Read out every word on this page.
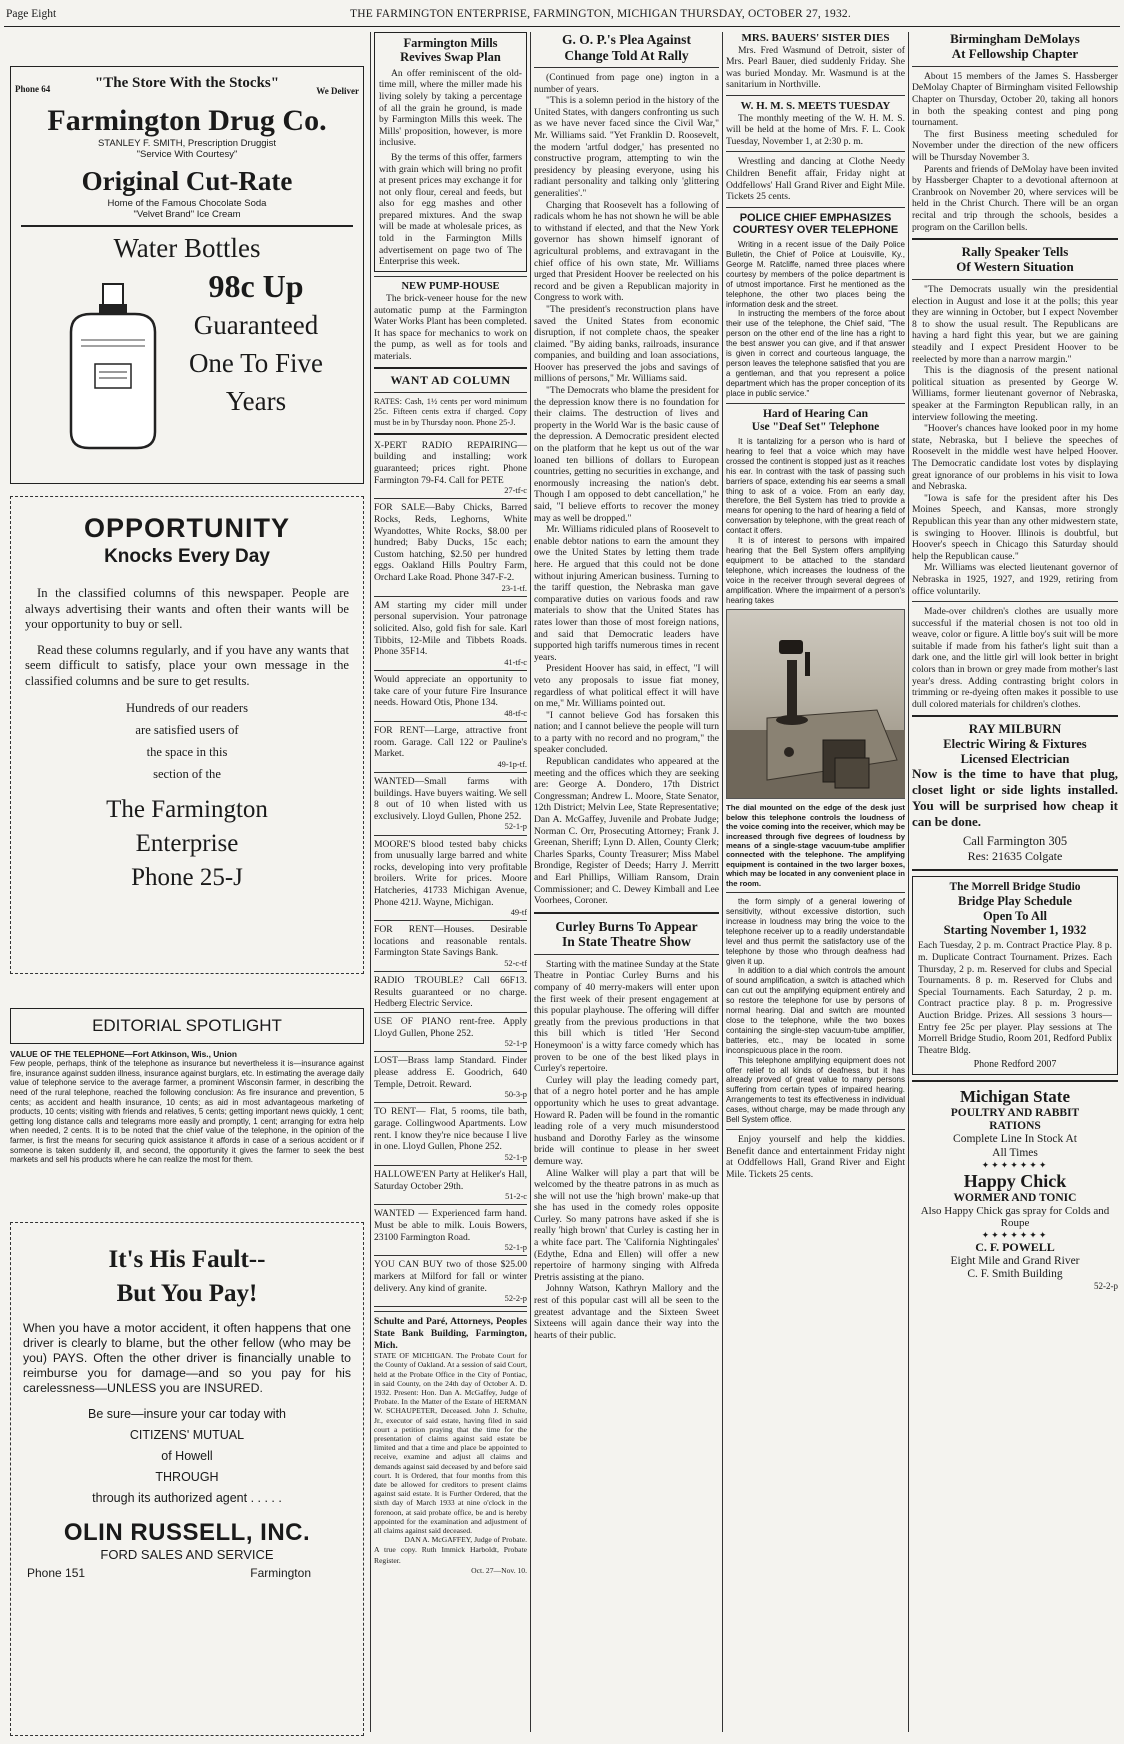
Page Eight	THE FARMINGTON ENTERPRISE, FARMINGTON, MICHIGAN THURSDAY, OCTOBER 27, 1932.
"The Store With the Stocks"
Phone 64	We Deliver
Farmington Drug Co.
STANLEY F. SMITH, Prescription Druggist
"Service With Courtesy"
Original Cut-Rate
Home of the Famous Chocolate Soda
"Velvet Brand" Ice Cream
Water Bottles
98c Up
Guaranteed
One To Five
Years
OPPORTUNITY
Knocks Every Day

In the classified columns of this newspaper. People are always advertising their wants and often their wants will be your opportunity to buy or sell.

Read these columns regularly, and if you have any wants that seem difficult to satisfy, place your own message in the classified columns and be sure to get results.

Hundreds of our readers
are satisfied users of
the space in this
section of the
The Farmington
Enterprise
Phone 25-J
EDITORIAL SPOTLIGHT
VALUE OF THE TELEPHONE—Fort Atkinson, Wis., Union

Few people, perhaps, think of the telephone as insurance but nevertheless it is—insurance against fire, insurance against sudden illness, insurance against burglars, etc. In estimating the average daily value of telephone service to the average farmer, a prominent Wisconsin farmer, in describing the need of the rural telephone, reached the following conclusion: As fire insurance and prevention, 5 cents; as accident and health insurance, 10 cents; as aid in most advantageous marketing of products, 10 cents; visiting with friends and relatives, 5 cents; getting important news quickly, 1 cent; getting long distance calls and telegrams more easily and promptly, 1 cent; arranging for extra help when needed, 2 cents. It is to be noted that the chief value of the telephone, in the opinion of the farmer, is first the means for securing quick assistance it affords in case of a serious accident or if someone is taken suddenly ill, and second, the opportunity it gives the farmer to seek the best markets and sell his products where he can realize the most for them.

It's His Fault--
But You Pay!

When you have a motor accident, it often happens that one driver is clearly to blame, but the other fellow (who may be you) PAYS. Often the other driver is financially unable to reimburse you for damage—and so you pay for his carelessness—UNLESS you are INSURED.

Be sure—insure your car today with
CITIZENS' MUTUAL
of Howell
THROUGH
through its authorized agent . . . . .
OLIN RUSSELL, INC.
FORD SALES AND SERVICE
Phone 151	Farmington
Farmington Mills
Revives Swap Plan

An offer reminiscent of the old-time mill, where the miller made his living solely by taking a percentage of all the grain he ground, is made by Farmington Mills this week. The Mills' proposition, however, is more inclusive.

By the terms of this offer, farmers with grain which will bring no profit at present prices may exchange it for not only flour, cereal and feeds, but also for egg mashes and other prepared mixtures. And the swap will be made at wholesale prices, as told in the Farmington Mills advertisement on page two of The Enterprise this week.

NEW PUMP-HOUSE

The brick-veneer house for the new automatic pump at the Farmington Water Works Plant has been completed. It has space for mechanics to work on the pump, as well as for tools and materials.

WANT AD COLUMN

RATES: Cash, 1½ cents per word minimum 25c. Fifteen cents extra if charged. Copy must be in by Thursday noon. Phone 25-J.

X-PERT RADIO REPAIRING—building and installing; work guaranteed; prices right. Phone Farmington 79-F4. Call for PETE

27-tf-c

FOR SALE—Baby Chicks, Barred Rocks, Reds, Leghorns, White Wyandottes, White Rocks, $8.00 per hundred; Baby Ducks, 15c each; Custom hatching, $2.50 per hundred eggs. Oakland Hills Poultry Farm, Orchard Lake Road. Phone 347-F-2.

23-1-tf.

AM starting my cider mill under personal supervision. Your patronage solicited. Also, gold fish for sale. Karl Tibbits, 12-Mile and Tibbets Roads. Phone 35F14.

41-tf-c

Would appreciate an opportunity to take care of your future Fire Insurance needs. Howard Otis, Phone 134.

48-tf-c

FOR RENT—Large, attractive front room. Garage. Call 122 or Pauline's Market.

49-1p-tf.

WANTED—Small farms with buildings. Have buyers waiting. We sell 8 out of 10 when listed with us exclusively. Lloyd Gullen, Phone 252.

52-1-p

MOORE'S blood tested baby chicks from unusually large barred and white rocks, developing into very profitable broilers. Write for prices. Moore Hatcheries, 41733 Michigan Avenue, Phone 421J. Wayne, Michigan.

49-tf

FOR RENT—Houses. Desirable locations and reasonable rentals. Farmington State Savings Bank.

52-c-tf

RADIO TROUBLE? Call 66F13. Results guaranteed or no charge. Hedberg Electric Service.

USE OF PIANO rent-free. Apply Lloyd Gullen, Phone 252.

52-1-p

LOST—Brass lamp Standard. Finder please address E. Goodrich, 640 Temple, Detroit. Reward.

50-3-p

TO RENT— Flat, 5 rooms, tile bath, garage. Collingwood Apartments. Low rent. I know they're nice because I live in one. Lloyd Gullen, Phone 252.

52-1-p

HALLOWE'EN Party at Heliker's Hall, Saturday October 29th.

51-2-c

WANTED — Experienced farm hand. Must be able to milk. Louis Bowers, 23100 Farmington Road.

52-1-p

YOU CAN BUY two of those $25.00 markers at Milford for fall or winter delivery. Any kind of granite.

52-2-p

Schulte and Paré, Attorneys, Peoples State Bank Building, Farmington, Mich.

STATE OF MICHIGAN. The Probate Court for the County of Oakland. At a session of said Court, held at the Probate Office in the City of Pontiac, in said County, on the 24th day of October A. D. 1932. Present: Hon. Dan A. McGaffey, Judge of Probate. In the Matter of the Estate of HERMAN W. SCHAUPETER, Deceased. John J. Schulte, Jr., executor of said estate, having filed in said court a petition praying that the time for the presentation of claims against said estate be limited and that a time and place be appointed to receive, examine and adjust all claims and demands against said deceased by and before said court. It is Ordered, that four months from this date be allowed for creditors to present claims against said estate. It is Further Ordered, that the sixth day of March 1933 at nine o'clock in the forenoon, at said probate office, be and is hereby appointed for the examination and adjustment of all claims against said deceased.

DAN A. McGAFFEY, Judge of Probate.

A true copy. Ruth Immick Harboldt, Probate Register.

Oct. 27—Nov. 10.

G. O. P.'s Plea Against
Change Told At Rally

(Continued from page one) ington in a number of years.

"This is a solemn period in the history of the United States, with dangers confronting us such as we have never faced since the Civil War," Mr. Williams said. "Yet Franklin D. Roosevelt, the modern 'artful dodger,' has presented no constructive program, attempting to win the presidency by pleasing everyone, using his radiant personality and talking only 'glittering generalities'."

Charging that Roosevelt has a following of radicals whom he has not shown he will be able to withstand if elected, and that the New York governor has shown himself ignorant of agricultural problems, and extravagant in the chief office of his own state, Mr. Williams urged that President Hoover be reelected on his record and be given a Republican majority in Congress to work with.

"The president's reconstruction plans have saved the United States from economic disruption, if not complete chaos, the speaker claimed. "By aiding banks, railroads, insurance companies, and building and loan associations, Hoover has preserved the jobs and savings of millions of persons," Mr. Williams said.

"The Democrats who blame the president for the depression know there is no foundation for their claims. The destruction of lives and property in the World War is the basic cause of the depression. A Democratic president elected on the platform that he kept us out of the war loaned ten billions of dollars to European countries, getting no securities in exchange, and enormously increasing the nation's debt. Though I am opposed to debt cancellation," he said, "I believe efforts to recover the money may as well be dropped."

Mr. Williams ridiculed plans of Roosevelt to enable debtor nations to earn the amount they owe the United States by letting them trade here. He argued that this could not be done without injuring American business. Turning to the tariff question, the Nebraska man gave comparative duties on various foods and raw materials to show that the United States has rates lower than those of most foreign nations, and said that Democratic leaders have supported high tariffs numerous times in recent years.

President Hoover has said, in effect, "I will veto any proposals to issue fiat money, regardless of what political effect it will have on me," Mr. Williams pointed out.

"I cannot believe God has forsaken this nation; and I cannot believe the people will turn to a party with no record and no program," the speaker concluded.

Republican candidates who appeared at the meeting and the offices which they are seeking are: George A. Dondero, 17th District Congressman; Andrew L. Moore, State Senator, 12th District; Melvin Lee, State Representative; Dan A. McGaffey, Juvenile and Probate Judge; Norman C. Orr, Prosecuting Attorney; Frank J. Greenan, Sheriff; Lynn D. Allen, County Clerk; Charles Sparks, County Treasurer; Miss Mabel Brondige, Register of Deeds; Harry J. Merritt and Earl Phillips, William Ransom, Drain Commissioner; and C. Dewey Kimball and Lee Voorhees, Coroner.

Curley Burns To Appear
In State Theatre Show

Starting with the matinee Sunday at the State Theatre in Pontiac Curley Burns and his company of 40 merry-makers will enter upon the first week of their present engagement at this popular playhouse. The offering will differ greatly from the previous productions in that this bill which is titled 'Her Second Honeymoon' is a witty farce comedy which has proven to be one of the best liked plays in Curley's repertoire.

Curley will play the leading comedy part, that of a negro hotel porter and he has ample opportunity which he uses to great advantage. Howard R. Paden will be found in the romantic leading role of a very much misunderstood husband and Dorothy Farley as the winsome bride will continue to please in her sweet demure way.

Aline Walker will play a part that will be welcomed by the theatre patrons in as much as she will not use the 'high brown' make-up that she has used in the comedy roles opposite Curley. So many patrons have asked if she is really 'high brown' that Curley is casting her in a white face part. The 'California Nightingales' (Edythe, Edna and Ellen) will offer a new repertoire of harmony singing with Alfreda Pretris assisting at the piano.

Johnny Watson, Kathryn Mallory and the rest of this popular cast will all be seen to the greatest advantage and the Sixteen Sweet Sixteens will again dance their way into the hearts of their public.

MRS. BAUERS' SISTER DIES

Mrs. Fred Wasmund of Detroit, sister of Mrs. Pearl Bauer, died suddenly Friday. She was buried Monday. Mr. Wasmund is at the sanitarium in Northville.

W. H. M. S. MEETS TUESDAY

The monthly meeting of the W. H. M. S. will be held at the home of Mrs. F. L. Cook Tuesday, November 1, at 2:30 p. m.

Wrestling and dancing at Clothe Needy Children Benefit affair, Friday night at Oddfellows' Hall Grand River and Eight Mile. Tickets 25 cents.

POLICE CHIEF EMPHASIZES
COURTESY OVER TELEPHONE

Writing in a recent issue of the Daily Police Bulletin, the Chief of Police at Louisville, Ky., George M. Ratcliffe, named three places where courtesy by members of the police department is of utmost importance. First he mentioned as the telephone, the other two places being the information desk and the street.

In instructing the members of the force about their use of the telephone, the Chief said, "The person on the other end of the line has a right to the best answer you can give, and if that answer is given in correct and courteous language, the person leaves the telephone satisfied that you are a gentleman, and that you represent a police department which has the proper conception of its place in public service."

Hard of Hearing Can
Use "Deaf Set" Telephone

It is tantalizing for a person who is hard of hearing to feel that a voice which may have crossed the continent is stopped just as it reaches his ear. In contrast with the task of passing such barriers of space, extending his ear seems a small thing to ask of a voice. From an early day, therefore, the Bell System has tried to provide a means for opening to the hard of hearing a field of conversation by telephone, with the great reach of contact it offers.

It is of interest to persons with impaired hearing that the Bell System offers amplifying equipment to be attached to the standard telephone, which increases the loudness of the voice in the receiver through several degrees of amplification. Where the impairment of a person's hearing takes

The dial mounted on the edge of the desk just below this telephone controls the loudness of the voice coming into the receiver, which may be increased through five degrees of loudness by means of a single-stage vacuum-tube amplifier connected with the telephone. The amplifying equipment is contained in the two larger boxes, which may be located in any convenient place in the room.

the form simply of a general lowering of sensitivity, without excessive distortion, such increase in loudness may bring the voice to the telephone receiver up to a readily understandable level and thus permit the satisfactory use of the telephone by those who through deafness had given it up.

In addition to a dial which controls the amount of sound amplification, a switch is attached which can cut out the amplifying equipment entirely and so restore the telephone for use by persons of normal hearing. Dial and switch are mounted close to the telephone, while the two boxes containing the single-step vacuum-tube amplifier, batteries, etc., may be located in some inconspicuous place in the room.

This telephone amplifying equipment does not offer relief to all kinds of deafness, but it has already proved of great value to many persons suffering from certain types of impaired hearing. Arrangements to test its effectiveness in individual cases, without charge, may be made through any Bell System office.

Enjoy yourself and help the kiddies. Benefit dance and entertainment Friday night at Oddfellows Hall, Grand River and Eight Mile. Tickets 25 cents.

Birmingham DeMolays
At Fellowship Chapter

About 15 members of the James S. Hassberger DeMolay Chapter of Birmingham visited Fellowship Chapter on Thursday, October 20, taking all honors in both the speaking contest and ping pong tournament.

The first Business meeting scheduled for November under the direction of the new officers will be Thursday November 3.

Parents and friends of DeMolay have been invited by Hassberger Chapter to a devotional afternoon at Cranbrook on November 20, where services will be held in the Christ Church. There will be an organ recital and trip through the schools, besides a program on the Carillon bells.

Rally Speaker Tells
Of Western Situation

"The Democrats usually win the presidential election in August and lose it at the polls; this year they are winning in October, but I expect November 8 to show the usual result. The Republicans are having a hard fight this year, but we are gaining steadily and I expect President Hoover to be reelected by more than a narrow margin."

This is the diagnosis of the present national political situation as presented by George W. Williams, former lieutenant governor of Nebraska, speaker at the Farmington Republican rally, in an interview following the meeting.

"Hoover's chances have looked poor in my home state, Nebraska, but I believe the speeches of Roosevelt in the middle west have helped Hoover. The Democratic candidate lost votes by displaying great ignorance of our problems in his visit to Iowa and Nebraska.

"Iowa is safe for the president after his Des Moines Speech, and Kansas, more strongly Republican this year than any other midwestern state, is swinging to Hoover. Illinois is doubtful, but Hoover's speech in Chicago this Saturday should help the Republican cause."

Mr. Williams was elected lieutenant governor of Nebraska in 1925, 1927, and 1929, retiring from office voluntarily.

Made-over children's clothes are usually more successful if the material chosen is not too old in weave, color or figure. A little boy's suit will be more suitable if made from his father's light suit than a dark one, and the little girl will look better in bright colors than in brown or grey made from mother's last year's dress. Adding contrasting bright colors in trimming or re-dyeing often makes it possible to use dull colored materials for children's clothes.

RAY MILBURN
Electric Wiring & Fixtures
Licensed Electrician

Now is the time to have that plug, closet light or side lights installed. You will be surprised how cheap it can be done.

Call Farmington 305
Res: 21635 Colgate
The Morrell Bridge Studio
Bridge Play Schedule
Open To All
Starting November 1, 1932

Each Tuesday, 2 p. m. Contract Practice Play. 8 p. m. Duplicate Contract Tournament. Prizes. Each Thursday, 2 p. m. Reserved for clubs and Special Tournaments. 8 p. m. Reserved for Clubs and Special Tournaments. Each Saturday, 2 p. m. Contract practice play. 8 p. m. Progressive Auction Bridge. Prizes. All sessions 3 hours—Entry fee 25c per player. Play sessions at The Morrell Bridge Studio, Room 201, Redford Publix Theatre Bldg.

Phone Redford 2007
Michigan State
POULTRY AND RABBIT
RATIONS
Complete Line In Stock At
All Times
✦✦✦✦✦✦✦
Happy Chick
WORMER AND TONIC
Also Happy Chick gas spray for Colds and Roupe
✦✦✦✦✦✦✦
C. F. POWELL
Eight Mile and Grand River
C. F. Smith Building
52-2-p
